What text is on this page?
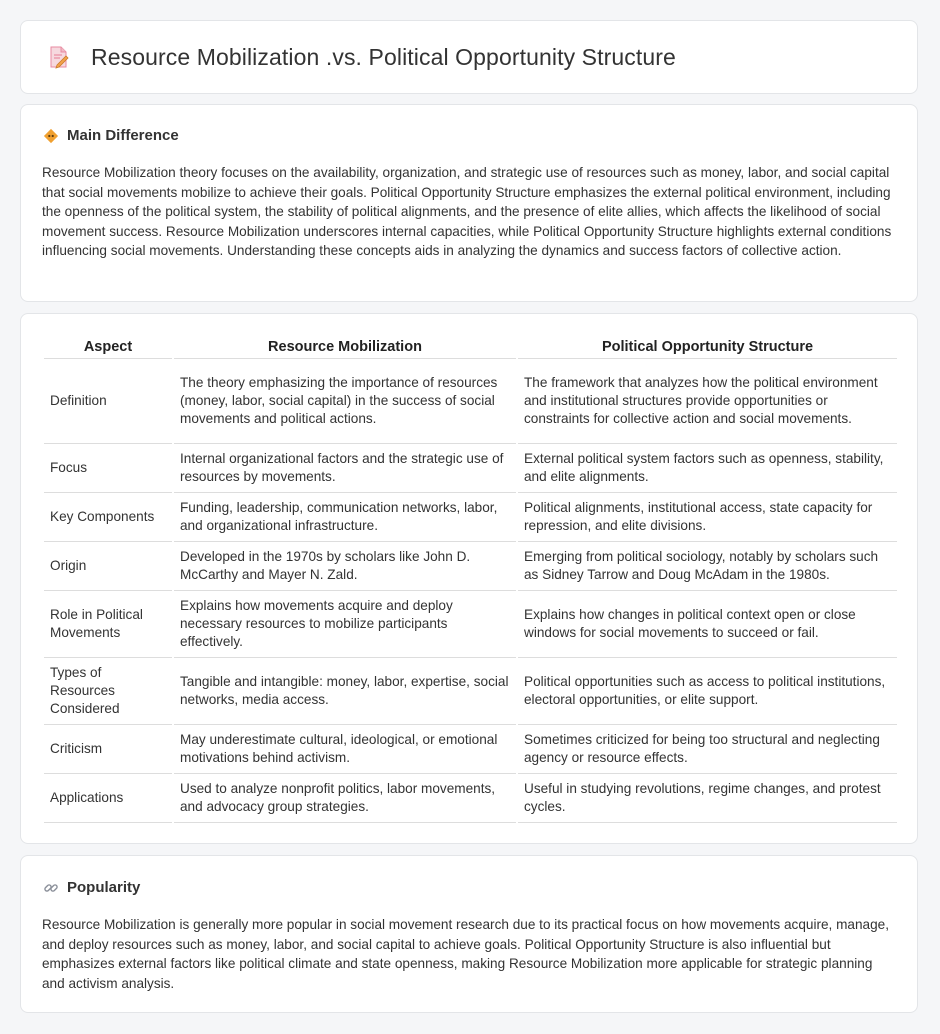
Resource Mobilization .vs. Political Opportunity Structure
Main Difference

Resource Mobilization theory focuses on the availability, organization, and strategic use of resources such as money, labor, and social capital that social movements mobilize to achieve their goals. Political Opportunity Structure emphasizes the external political environment, including the openness of the political system, the stability of political alignments, and the presence of elite allies, which affects the likelihood of social movement success. Resource Mobilization underscores internal capacities, while Political Opportunity Structure highlights external conditions influencing social movements. Understanding these concepts aids in analyzing the dynamics and success factors of collective action.

Aspect	Resource Mobilization	Political Opportunity Structure
Definition	The theory emphasizing the importance of resources (money, labor, social capital) in the success of social movements and political actions.	The framework that analyzes how the political environment and institutional structures provide opportunities or constraints for collective action and social movements.
Focus	Internal organizational factors and the strategic use of resources by movements.	External political system factors such as openness, stability, and elite alignments.
Key Components	Funding, leadership, communication networks, labor, and organizational infrastructure.	Political alignments, institutional access, state capacity for repression, and elite divisions.
Origin	Developed in the 1970s by scholars like John D. McCarthy and Mayer N. Zald.	Emerging from political sociology, notably by scholars such as Sidney Tarrow and Doug McAdam in the 1980s.
Role in Political Movements	Explains how movements acquire and deploy necessary resources to mobilize participants effectively.	Explains how changes in political context open or close windows for social movements to succeed or fail.
Types of Resources Considered	Tangible and intangible: money, labor, expertise, social networks, media access.	Political opportunities such as access to political institutions, electoral opportunities, or elite support.
Criticism	May underestimate cultural, ideological, or emotional motivations behind activism.	Sometimes criticized for being too structural and neglecting agency or resource effects.
Applications	Used to analyze nonprofit politics, labor movements, and advocacy group strategies.	Useful in studying revolutions, regime changes, and protest cycles.
Popularity

Resource Mobilization is generally more popular in social movement research due to its practical focus on how movements acquire, manage, and deploy resources such as money, labor, and social capital to achieve goals. Political Opportunity Structure is also influential but emphasizes external factors like political climate and state openness, making Resource Mobilization more applicable for strategic planning and activism analysis.
